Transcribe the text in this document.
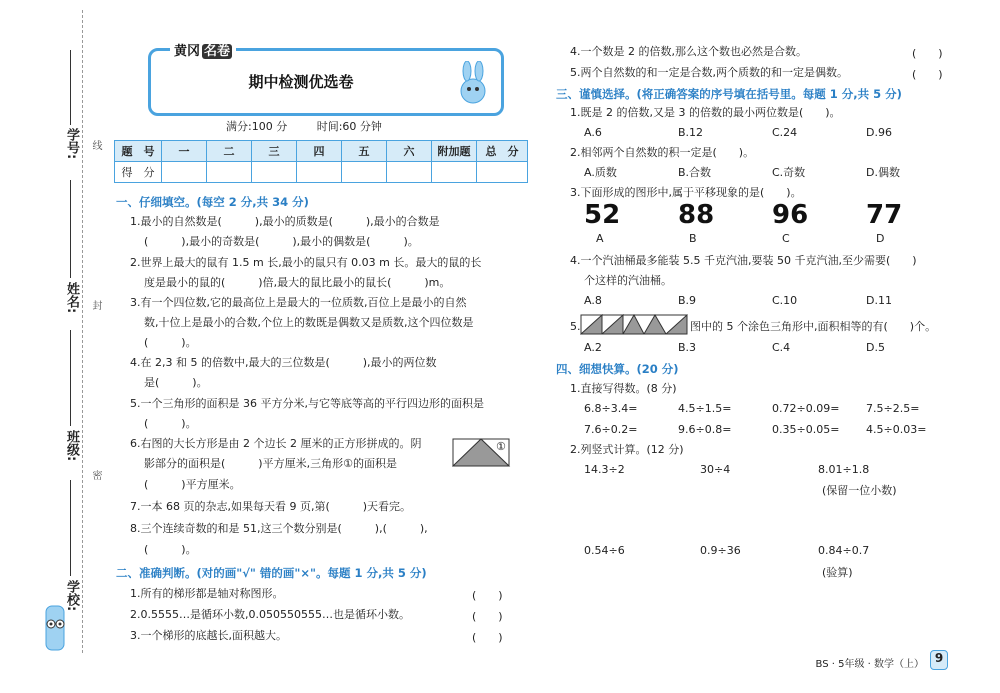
学号:
姓名:
班级:
学校:
线
封
密
期中检测优选卷
黄冈 名卷
满分:100 分	时间:60 分钟
题　号	一	二	三	四	五	六	附加题	总　分
得　分								
一、仔细填空。(每空 2 分,共 34 分)
1.最小的自然数是(　　　),最小的质数是(　　　),最小的合数是
(　　　),最小的奇数是(　　　),最小的偶数是(　　　)。
2.世界上最大的鼠有 1.5 m 长,最小的鼠只有 0.03 m 长。最大的鼠的长
度是最小的鼠的(　　　)倍,最大的鼠比最小的鼠长(　　　)m。
3.有一个四位数,它的最高位上是最大的一位质数,百位上是最小的自然
数,十位上是最小的合数,个位上的数既是偶数又是质数,这个四位数是
(　　　)。
4.在 2,3 和 5 的倍数中,最大的三位数是(　　　),最小的两位数
是(　　　)。
5.一个三角形的面积是 36 平方分米,与它等底等高的平行四边形的面积是
(　　　)。
6.右图的大长方形是由 2 个边长 2 厘米的正方形拼成的。阴
影部分的面积是(　　　)平方厘米,三角形①的面积是
(　　　)平方厘米。
①
7.一本 68 页的杂志,如果每天看 9 页,第(　　　)天看完。
8.三个连续奇数的和是 51,这三个数分别是(　　　),(　　　),
(　　　)。
二、准确判断。(对的画"√" 错的画"×"。每题 1 分,共 5 分)
1.所有的梯形都是轴对称图形。	(　　)
2.0.5555…是循环小数,0.050550555…也是循环小数。	(　　)
3.一个梯形的底越长,面积越大。	(　　)
4.一个数是 2 的倍数,那么这个数也必然是合数。	(　　)
5.两个自然数的和一定是合数,两个质数的和一定是偶数。	(　　)
三、谨慎选择。(将正确答案的序号填在括号里。每题 1 分,共 5 分)
1.既是 2 的倍数,又是 3 的倍数的最小两位数是(　　)。
A.6	B.12	C.24	D.96
2.相邻两个自然数的积一定是(　　)。
A.质数	B.合数	C.奇数	D.偶数
3.下面形成的图形中,属于平移现象的是(　　)。
52 88 96 77
A	B	C	D
4.一个汽油桶最多能装 5.5 千克汽油,要装 50 千克汽油,至少需要(　　)
个这样的汽油桶。
A.8	B.9	C.10	D.11
5.	图中的 5 个涂色三角形中,面积相等的有(　　)个。
A.2	B.3	C.4	D.5
四、细想快算。(20 分)
1.直接写得数。(8 分)
6.8÷3.4=	4.5÷1.5=	0.72÷0.09= 7.5÷2.5=
7.6÷0.2=	9.6÷0.8=	0.35÷0.05= 4.5÷0.03=
2.列竖式计算。(12 分)
14.3÷2	30÷4	8.01÷1.8
(保留一位小数)
0.54÷6	0.9÷36	0.84÷0.7
(验算)
BS · 5年级 · 数学（上） 9
